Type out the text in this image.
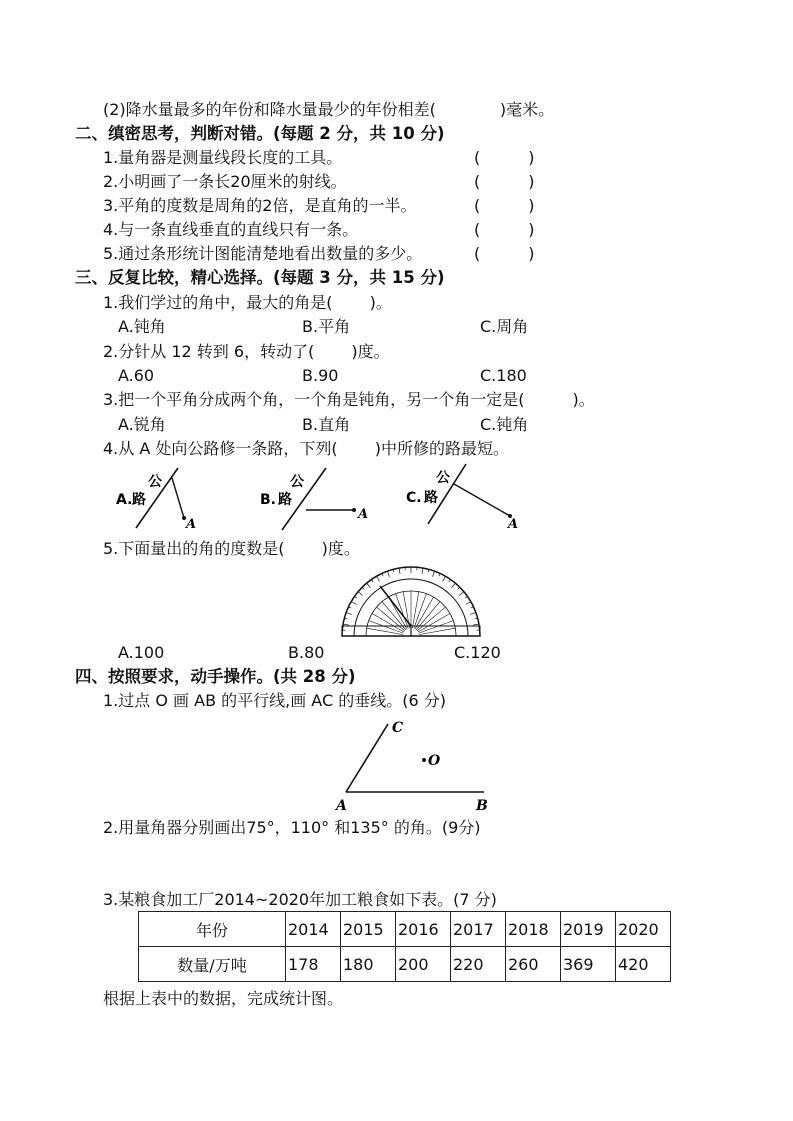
(2)降水量最多的年份和降水量最少的年份相差(　　　　)毫米。
二、缜密思考，判断对错。(每题 2 分，共 10 分)
1.量角器是测量线段长度的工具。	(　　　)
2.小明画了一条长20厘米的射线。	(　　　)
3.平角的度数是周角的2倍，是直角的一半。	(　　　)
4.与一条直线垂直的直线只有一条。	(　　　)
5.通过条形统计图能清楚地看出数量的多少。	(　　　)
三、反复比较，精心选择。(每题 3 分，共 15 分)
1.我们学过的角中，最大的角是(　　 )。
A.钝角	B.平角	C.周角
2.分针从 12 转到 6，转动了(　　 )度。
A.60	B.90	C.180
3.把一个平角分成两个角，一个角是钝角，另一个角一定是(　　　)。
A.锐角	B.直角	C.钝角
4.从 A 处向公路修一条路，下列(　　 )中所修的路最短。
A.
公
路
A
B.
公
路
A
C.
公
路
A
5.下面量出的角的度数是(　　 )度。
A.100	B.80	C.120
四、按照要求，动手操作。(共 28 分)
1.过点 O 画 AB 的平行线,画 AC 的垂线。(6 分)
C
O
A	B
2.用量角器分别画出75°，110° 和135° 的角。(9分)
3.某粮食加工厂2014~2020年加工粮食如下表。(7 分)
年份	2014	2015	2016	2017	2018	2019	2020
数量/万吨	178	180	200	220	260	369	420
根据上表中的数据，完成统计图。
